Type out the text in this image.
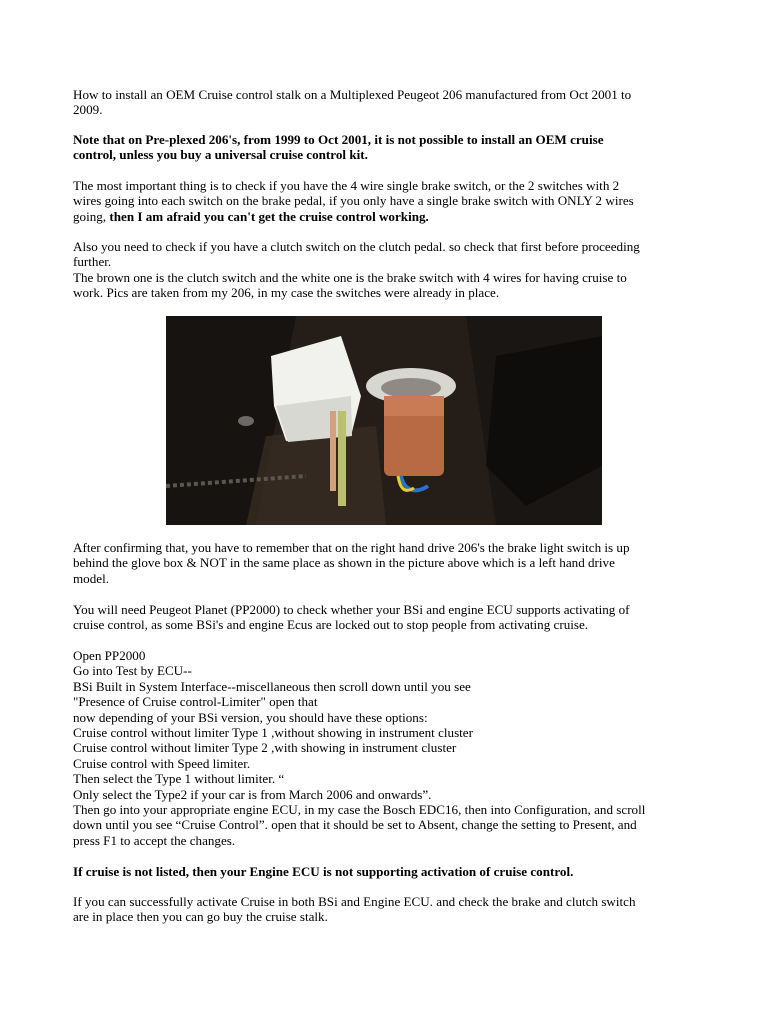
How to install an OEM Cruise control stalk on a Multiplexed Peugeot 206 manufactured from Oct 2001 to
2009.

Note that on Pre-plexed 206's, from 1999 to Oct 2001, it is not possible to install an OEM cruise
control, unless you buy a universal cruise control kit.

The most important thing is to check if you have the 4 wire single brake switch, or the 2 switches with 2
wires going into each switch on the brake pedal, if you only have a single brake switch with ONLY 2 wires
going, then I am afraid you can't get the cruise control working.

Also you need to check if you have a clutch switch on the clutch pedal. so check that first before proceeding
further.
The brown one is the clutch switch and the white one is the brake switch with 4 wires for having cruise to
work. Pics are taken from my 206, in my case the switches were already in place.

After confirming that, you have to remember that on the right hand drive 206's the brake light switch is up
behind the glove box & NOT in the same place as shown in the picture above which is a left hand drive
model.

You will need Peugeot Planet (PP2000) to check whether your BSi and engine ECU supports activating of
cruise control, as some BSi's and engine Ecus are locked out to stop people from activating cruise.

Open PP2000
Go into Test by ECU--
BSi Built in System Interface--miscellaneous then scroll down until you see
"Presence of Cruise control-Limiter" open that
now depending of your BSi version, you should have these options:
Cruise control without limiter Type 1 ,without showing in instrument cluster
Cruise control without limiter Type 2 ,with showing in instrument cluster
Cruise control with Speed limiter.
Then select the Type 1 without limiter. “
Only select the Type2 if your car is from March 2006 and onwards”.
Then go into your appropriate engine ECU, in my case the Bosch EDC16, then into Configuration, and scroll
down until you see “Cruise Control”. open that it should be set to Absent, change the setting to Present, and
press F1 to accept the changes.

If cruise is not listed, then your Engine ECU is not supporting activation of cruise control.

If you can successfully activate Cruise in both BSi and Engine ECU. and check the brake and clutch switch
are in place then you can go buy the cruise stalk.
